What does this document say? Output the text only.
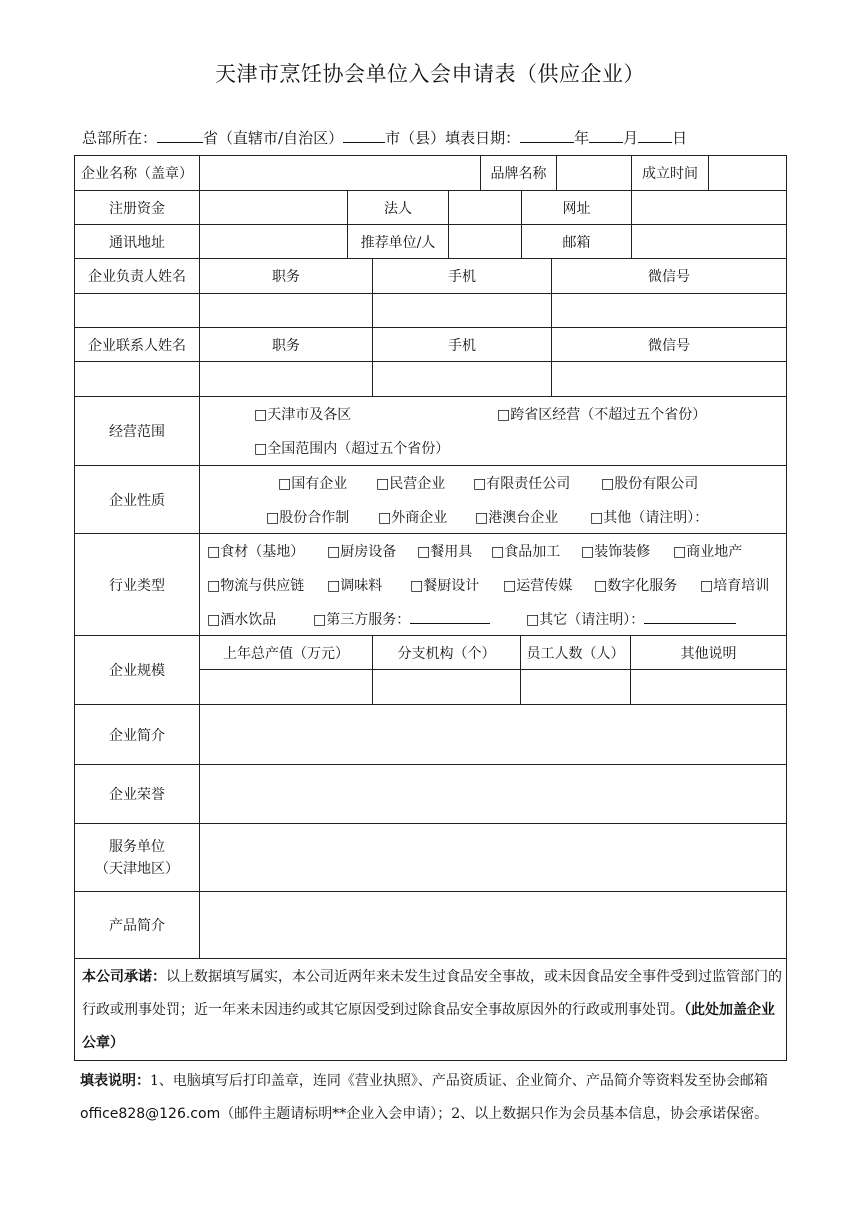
天津市烹饪协会单位入会申请表（供应企业）
总部所在：	省（直辖市/自治区）	市（县）填表日期：	年 月 日
企业名称（盖章）	品牌名称	成立时间
注册资金	法人	网址
通讯地址	推荐单位/人	邮箱
企业负责人姓名	职务	手机	微信号
企业联系人姓名	职务	手机	微信号
经营范围
□天津市及各区	□跨省区经营（不超过五个省份）
□全国范围内（超过五个省份）
企业性质
□国有企业 □民营企业 □有限责任公司 □股份有限公司
□股份合作制 □外商企业 □港澳台企业 □其他（请注明）：
行业类型
□食材（基地） □厨房设备 □餐用具 □食品加工 □装饰装修 □商业地产
□物流与供应链 □调味料 □餐厨设计 □运营传媒 □数字化服务 □培育培训
□酒水饮品	□第三方服务：	□其它（请注明）：
企业规模
上年总产值（万元）	分支机构（个）	员工人数（人）	其他说明
企业简介
企业荣誉
服务单位
（天津地区）
产品简介
本公司承诺：以上数据填写属实，本公司近两年来未发生过食品安全事故，或未因食品安全事件受到过监管部门的行政或刑事处罚；近一年来未因违约或其它原因受到过除食品安全事故原因外的行政或刑事处罚。（此处加盖企业公章）
填表说明：1、电脑填写后打印盖章，连同《营业执照》、产品资质证、企业简介、产品简介等资料发至协会邮箱 office828@126.com（邮件主题请标明**企业入会申请）；2、以上数据只作为会员基本信息，协会承诺保密。
